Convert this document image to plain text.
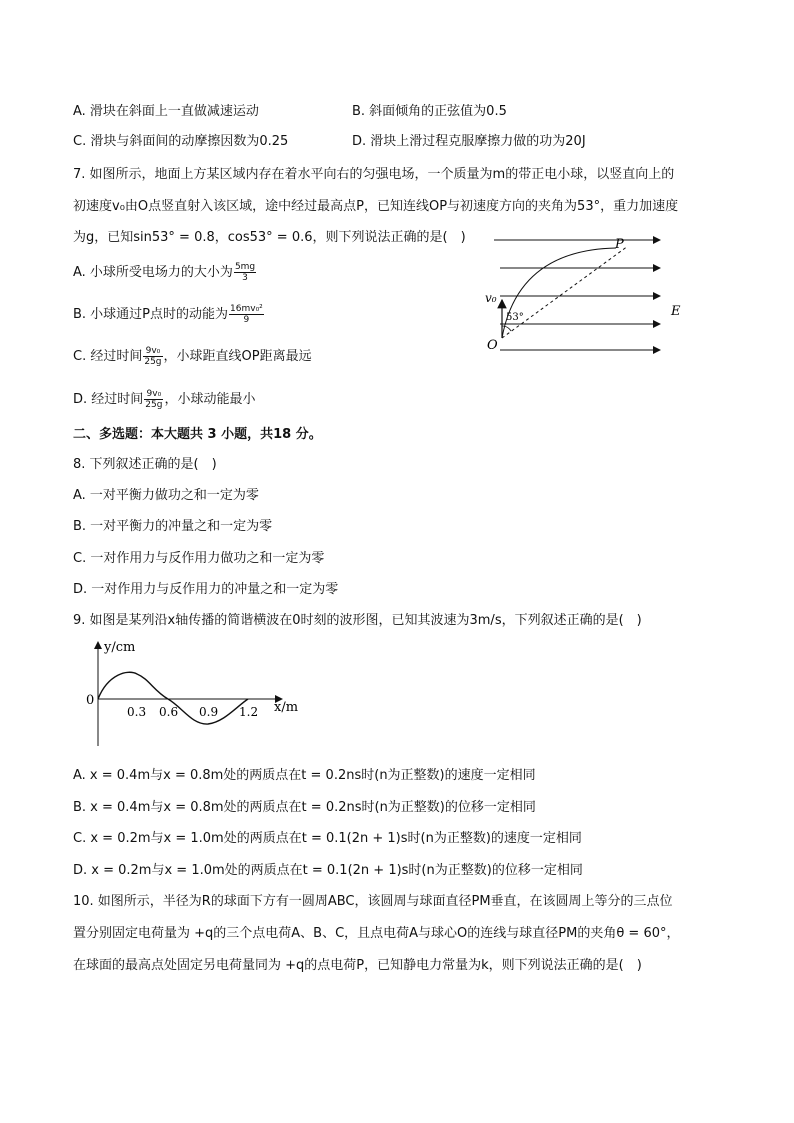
A. 滑块在斜面上一直做减速运动	B. 斜面倾角的正弦值为0.5
C. 滑块与斜面间的动摩擦因数为0.25	D. 滑块上滑过程克服摩擦力做的功为20J
7. 如图所示，地面上方某区域内存在着水平向右的匀强电场，一个质量为m的带正电小球，以竖直向上的
初速度v₀由O点竖直射入该区域，途中经过最高点P，已知连线OP与初速度方向的夹角为53°，重力加速度
为g，已知sin53° = 0.8，cos53° = 0.6，则下列说法正确的是(　)
A. 小球所受电场力的大小为 $\frac{5mg}{3}$
B. 小球通过P点时的动能为 $\frac{\text{16mv₀²}}{9}$
C. 经过时间 $\frac{\text{9v₀}}{25g}$ ，小球距直线OP距离最远
D. 经过时间 $\frac{\text{9v₀}}{25g}$ ，小球动能最小
P
O
v₀
E
53°
二、多选题：本大题共 3 小题，共18 分。
8. 下列叙述正确的是(　)
A. 一对平衡力做功之和一定为零
B. 一对平衡力的冲量之和一定为零
C. 一对作用力与反作用力做功之和一定为零
D. 一对作用力与反作用力的冲量之和一定为零
9. 如图是某列沿x轴传播的简谐横波在0时刻的波形图，已知其波速为3m/s，下列叙述正确的是(　)
y/cm
x/m
0
0.3 0.6 0.9 1.2
A. x = 0.4m与x = 0.8m处的两质点在t = 0.2ns时(n为正整数)的速度一定相同
B. x = 0.4m与x = 0.8m处的两质点在t = 0.2ns时(n为正整数)的位移一定相同
C. x = 0.2m与x = 1.0m处的两质点在t = 0.1(2n + 1)s时(n为正整数)的速度一定相同
D. x = 0.2m与x = 1.0m处的两质点在t = 0.1(2n + 1)s时(n为正整数)的位移一定相同
10. 如图所示，半径为R的球面下方有一圆周ABC，该圆周与球面直径PM垂直，在该圆周上等分的三点位
置分别固定电荷量为 +q的三个点电荷A、B、C，且点电荷A与球心O的连线与球直径PM的夹角θ = 60°，
在球面的最高点处固定另电荷量同为 +q的点电荷P，已知静电力常量为k，则下列说法正确的是(　)
